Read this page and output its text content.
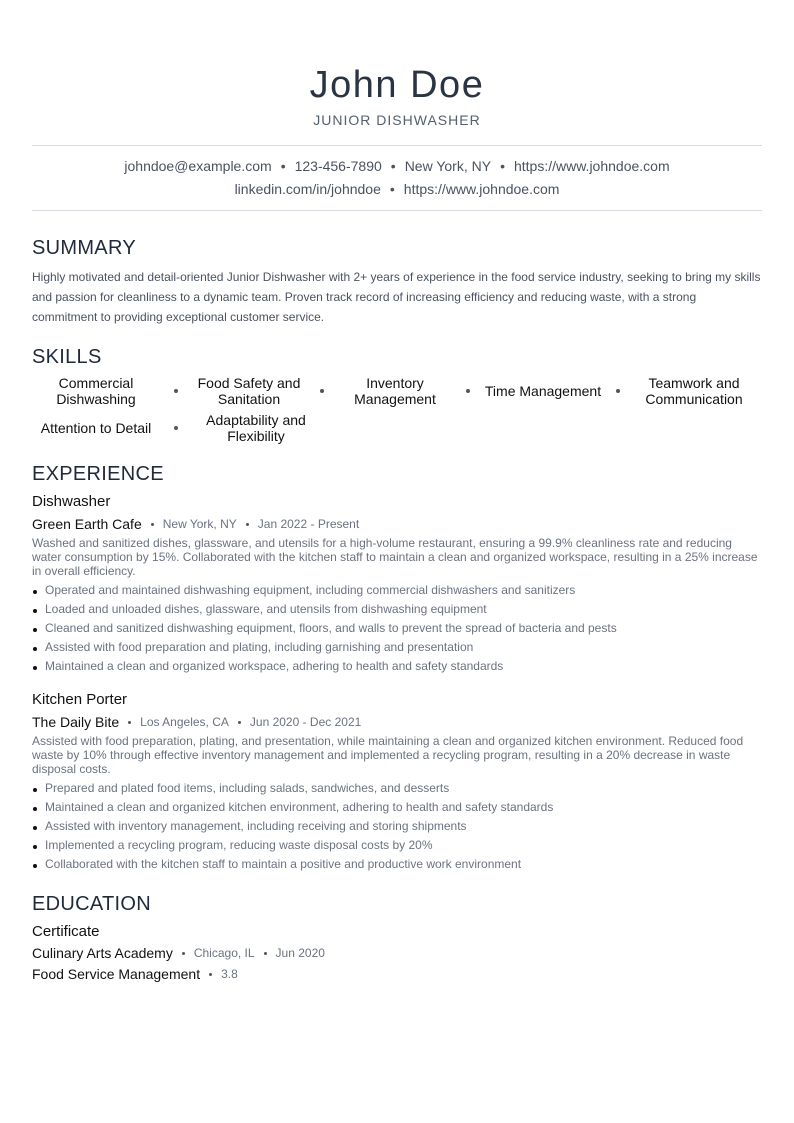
John Doe
JUNIOR DISHWASHER
johndoe@example.com • 123-456-7890 • New York, NY • https://www.johndoe.com
linkedin.com/in/johndoe • https://www.johndoe.com
SUMMARY

Highly motivated and detail-oriented Junior Dishwasher with 2+ years of experience in the food service industry, seeking to bring my skills and passion for cleanliness to a dynamic team. Proven track record of increasing efficiency and reducing waste, with a strong commitment to providing exceptional customer service.

SKILLS
Commercial Dishwashing
Food Safety and Sanitation
Inventory Management	Time Management	Teamwork and Communication
Attention to Detail	Adaptability and Flexibility
EXPERIENCE
Dishwasher
Green Earth Cafe New York, NY Jan 2022 - Present
Washed and sanitized dishes, glassware, and utensils for a high-volume restaurant, ensuring a 99.9% cleanliness rate and reducing water consumption by 15%. Collaborated with the kitchen staff to maintain a clean and organized workspace, resulting in a 25% increase in overall efficiency.
Operated and maintained dishwashing equipment, including commercial dishwashers and sanitizers
Loaded and unloaded dishes, glassware, and utensils from dishwashing equipment
Cleaned and sanitized dishwashing equipment, floors, and walls to prevent the spread of bacteria and pests
Assisted with food preparation and plating, including garnishing and presentation
Maintained a clean and organized workspace, adhering to health and safety standards
Kitchen Porter
The Daily Bite Los Angeles, CA Jun 2020 - Dec 2021
Assisted with food preparation, plating, and presentation, while maintaining a clean and organized kitchen environment. Reduced food waste by 10% through effective inventory management and implemented a recycling program, resulting in a 20% decrease in waste disposal costs.
Prepared and plated food items, including salads, sandwiches, and desserts
Maintained a clean and organized kitchen environment, adhering to health and safety standards
Assisted with inventory management, including receiving and storing shipments
Implemented a recycling program, reducing waste disposal costs by 20%
Collaborated with the kitchen staff to maintain a positive and productive work environment
EDUCATION
Certificate
Culinary Arts Academy Chicago, IL Jun 2020
Food Service Management 3.8
